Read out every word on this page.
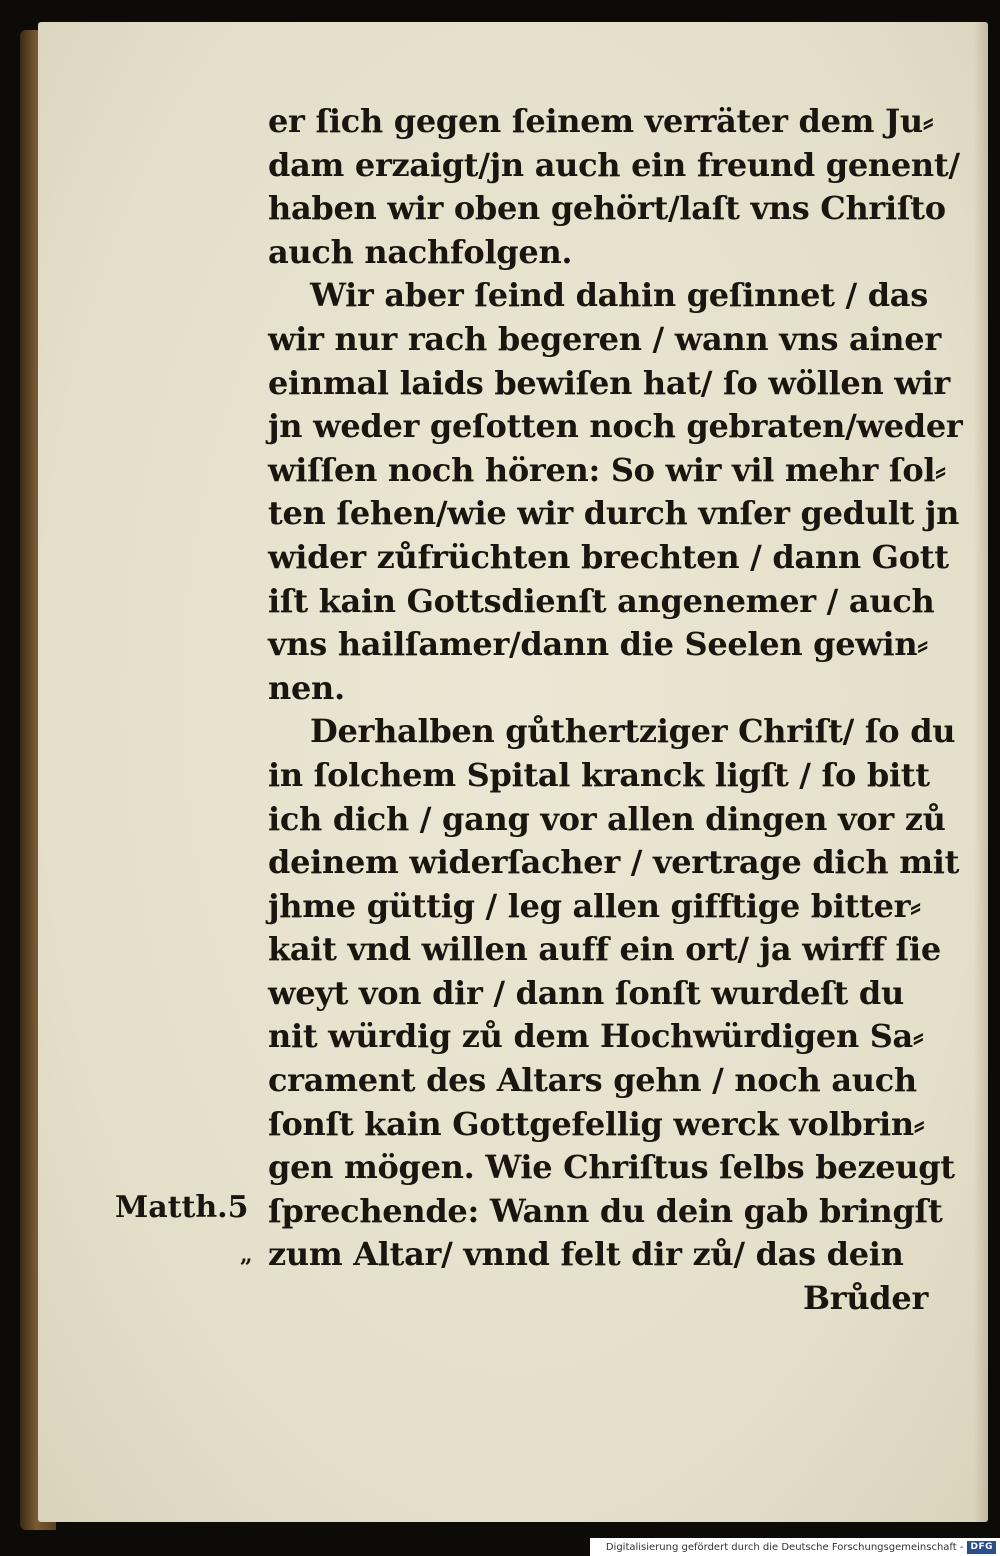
er ſich gegen ſeinem verräter dem Ju⸗
dam erzaigt/jn auch ein freund genent/
haben wir oben gehört/laſt vns Chriſto
auch nachfolgen.
Wir aber ſeind dahin geſinnet / das
wir nur rach begeren / wann vns ainer
einmal laids bewiſen hat/ ſo wöllen wir
jn weder geſotten noch gebraten/weder
wiſſen noch hören: So wir vil mehr ſol⸗
ten ſehen/wie wir durch vnſer gedult jn
wider zůfrüchten brechten / dann Gott
iſt kain Gottsdienſt angenemer / auch
vns hailſamer/dann die Seelen gewin⸗
nen.
Derhalben gůthertziger Chriſt/ ſo du
in ſolchem Spital kranck ligſt / ſo bitt
ich dich / gang vor allen dingen vor zů
deinem widerſacher / vertrage dich mit
jhme güttig / leg allen gifftige bitter⸗
kait vnd willen auff ein ort/ ja wirff ſie
weyt von dir / dann ſonſt wurdeſt du
nit würdig zů dem Hochwürdigen Sa⸗
crament des Altars gehn / noch auch
ſonſt kain Gottgefellig werck volbrin⸗
gen mögen. Wie Chriſtus ſelbs bezeugt
ſprechende: Wann du dein gab bringſt
zum Altar/ vnnd felt dir zů/ das dein
Brůder
Matth.5
„
Digitalisierung gefördert durch die Deutsche Forschungsgemeinschaft - DFG
